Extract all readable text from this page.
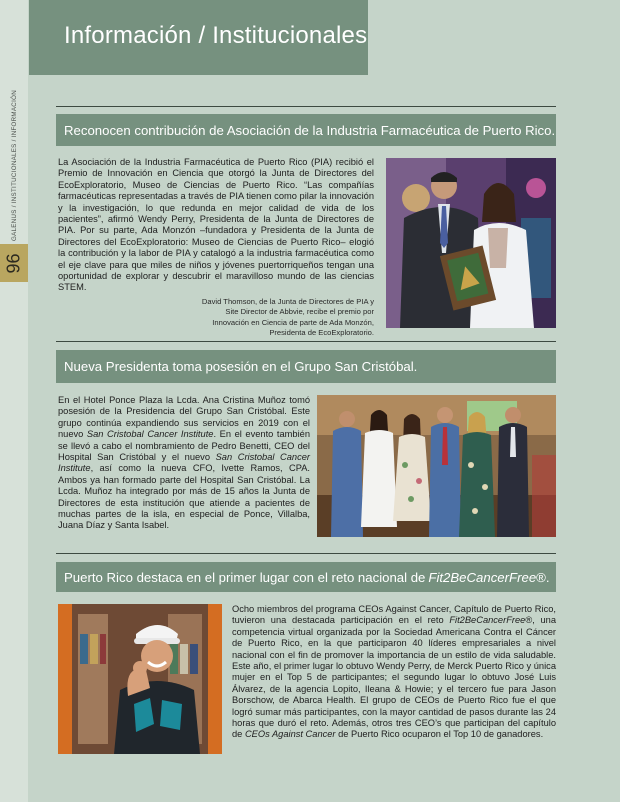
GALENUS / INSTITUCIONALES / INFORMACIÓN
96
Información / Institucionales
Reconocen contribución de Asociación de la Industria Farmacéutica de Puerto Rico.
La Asociación de la Industria Farmacéutica de Puerto Rico (PIA) recibió el Premio de Innovación en Ciencia que otorgó la Junta de Directores del EcoExploratorio, Museo de Ciencias de Puerto Rico. “Las compañías farmacéuticas representadas a través de PIA tienen como pilar la innovación y la investigación, lo que redunda en mejor calidad de vida de los pacientes”, afirmó Wendy Perry, Presidenta de la Junta de Directores de PIA. Por su parte, Ada Monzón –fundadora y Presidenta de la Junta de Directores del EcoExploratorio: Museo de Ciencias de Puerto Rico– elogió la contribución y la labor de PIA y catalogó a la industria farmacéutica como el eje clave para que miles de niños y jóvenes puertorriqueños tengan una oportunidad de explorar y descubrir el maravilloso mundo de las ciencias STEM.
David Thomson, de la Junta de Directores de PIA y Site Director de Abbvie, recibe el premio por Innovación en Ciencia de parte de Ada Monzón, Presidenta de EcoExploratorio.
Nueva Presidenta toma posesión en el Grupo San Cristóbal.
En el Hotel Ponce Plaza la Lcda. Ana Cristina Muñoz tomó posesión de la Presidencia del Grupo San Cristóbal. Este grupo continúa expandiendo sus servicios en 2019 con el nuevo San Cristobal Cancer Institute. En el evento también se llevó a cabo el nombramiento de Pedro Benetti, CEO del Hospital San Cristóbal y el nuevo San Cristobal Cancer Institute, así como la nueva CFO, Ivette Ramos, CPA. Ambos ya han formado parte del Hospital San Cristóbal. La Lcda. Muñoz ha integrado por más de 15 años la Junta de Directores de esta institución que atiende a pacientes de muchas partes de la isla, en especial de Ponce, Villalba, Juana Díaz y Santa Isabel.
Puerto Rico destaca en el primer lugar con el reto nacional de Fit2BeCancerFree ®.
Ocho miembros del programa CEOs Against Cancer, Capítulo de Puerto Rico, tuvieron una destacada participación en el reto Fit2BeCancerFree®, una competencia virtual organizada por la Sociedad Americana Contra el Cáncer de Puerto Rico, en la que participaron 40 líderes empresariales a nivel nacional con el fin de promover la importancia de un estilo de vida saludable. Este año, el primer lugar lo obtuvo Wendy Perry, de Merck Puerto Rico y única mujer en el Top 5 de participantes; el segundo lugar lo obtuvo José Luis Álvarez, de la agencia Lopito, Ileana & Howie; y el tercero fue para Jason Borschow, de Abarca Health. El grupo de CEOs de Puerto Rico fue el que logró sumar más participantes, con la mayor cantidad de pasos durante las 24 horas que duró el reto. Además, otros tres CEO’s que participan del capítulo de CEOs Against Cancer de Puerto Rico ocuparon el Top 10 de ganadores.
